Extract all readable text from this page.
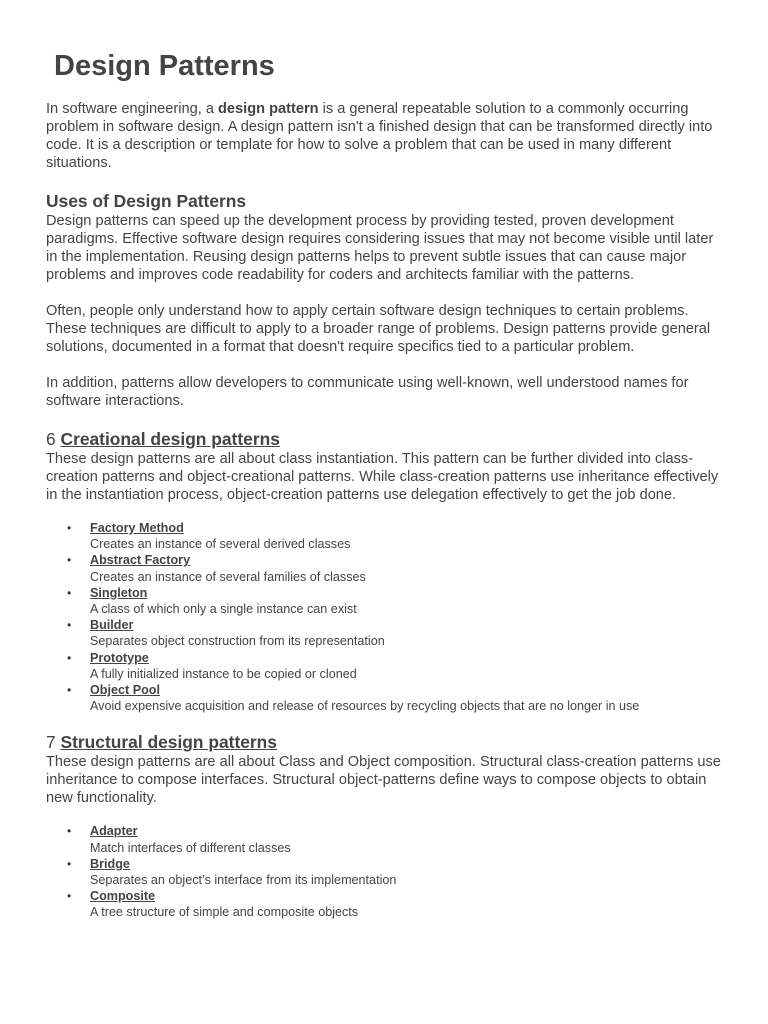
Design Patterns

In software engineering, a design pattern is a general repeatable solution to a commonly occurring problem in software design. A design pattern isn't a finished design that can be transformed directly into code. It is a description or template for how to solve a problem that can be used in many different situations.

Uses of Design Patterns

Design patterns can speed up the development process by providing tested, proven development paradigms. Effective software design requires considering issues that may not become visible until later in the implementation. Reusing design patterns helps to prevent subtle issues that can cause major problems and improves code readability for coders and architects familiar with the patterns.

Often, people only understand how to apply certain software design techniques to certain problems. These techniques are difficult to apply to a broader range of problems. Design patterns provide general solutions, documented in a format that doesn't require specifics tied to a particular problem.

In addition, patterns allow developers to communicate using well-known, well understood names for software interactions.

6 Creational design patterns

These design patterns are all about class instantiation. This pattern can be further divided into class-creation patterns and object-creational patterns. While class-creation patterns use inheritance effectively in the instantiation process, object-creation patterns use delegation effectively to get the job done.

• Factory Method
Creates an instance of several derived classes
• Abstract Factory
Creates an instance of several families of classes
• Singleton
A class of which only a single instance can exist
• Builder
Separates object construction from its representation
• Prototype
A fully initialized instance to be copied or cloned
• Object Pool
Avoid expensive acquisition and release of resources by recycling objects that are no longer in use
7 Structural design patterns

These design patterns are all about Class and Object composition. Structural class-creation patterns use inheritance to compose interfaces. Structural object-patterns define ways to compose objects to obtain new functionality.

• Adapter
Match interfaces of different classes
• Bridge
Separates an object’s interface from its implementation
• Composite
A tree structure of simple and composite objects
